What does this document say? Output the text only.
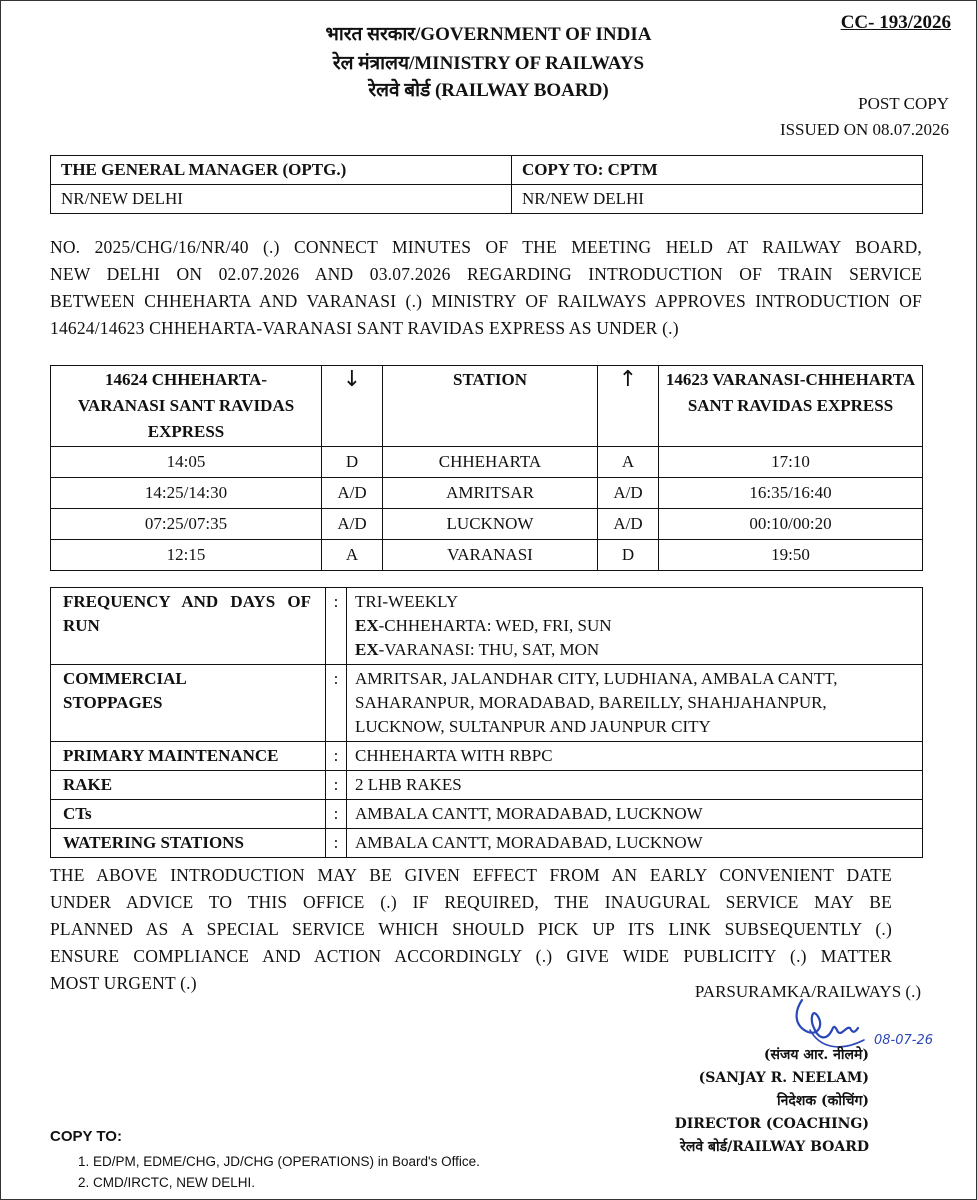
भारत सरकार/GOVERNMENT OF INDIA
रेल मंत्रालय/MINISTRY OF RAILWAYS
रेलवे बोर्ड (RAILWAY BOARD)
CC- 193/2026
POST COPY
ISSUED ON 08.07.2026
THE GENERAL MANAGER (OPTG.)	COPY TO: CPTM
NR/NEW DELHI	NR/NEW DELHI
NO. 2025/CHG/16/NR/40 (.) CONNECT MINUTES OF THE MEETING HELD AT RAILWAY BOARD,
NEW DELHI ON 02.07.2026 AND 03.07.2026 REGARDING INTRODUCTION OF TRAIN SERVICE
BETWEEN CHHEHARTA AND VARANASI (.) MINISTRY OF RAILWAYS APPROVES INTRODUCTION OF
14624/14623 CHHEHARTA-VARANASI SANT RAVIDAS EXPRESS AS UNDER (.)
14624 CHHEHARTA-VARANASI SANT RAVIDAS EXPRESS	↓	STATION	↑	14623 VARANASI-CHHEHARTA SANT RAVIDAS EXPRESS

14:05	D	CHHEHARTA	A	17:10
14:25/14:30	A/D	AMRITSAR	A/D	16:35/16:40
07:25/07:35	A/D	LUCKNOW	A/D	00:10/00:20
12:15	A	VARANASI	D	19:50
FREQUENCY AND DAYS OF RUN	:	TRI-WEEKLY
EX-CHHEHARTA: WED, FRI, SUN
EX-VARANASI: THU, SAT, MON

COMMERCIAL STOPPAGES	:	AMRITSAR, JALANDHAR CITY, LUDHIANA, AMBALA CANTT, SAHARANPUR, MORADABAD, BAREILLY, SHAHJAHANPUR, LUCKNOW, SULTANPUR AND JAUNPUR CITY

PRIMARY MAINTENANCE	:	CHHEHARTA WITH RBPC
RAKE	:	2 LHB RAKES
CTs	:	AMBALA CANTT, MORADABAD, LUCKNOW
WATERING STATIONS	:	AMBALA CANTT, MORADABAD, LUCKNOW
THE ABOVE INTRODUCTION MAY BE GIVEN EFFECT FROM AN EARLY CONVENIENT DATE
UNDER ADVICE TO THIS OFFICE (.) IF REQUIRED, THE INAUGURAL SERVICE MAY BE
PLANNED AS A SPECIAL SERVICE WHICH SHOULD PICK UP ITS LINK SUBSEQUENTLY (.)
ENSURE COMPLIANCE AND ACTION ACCORDINGLY (.) GIVE WIDE PUBLICITY (.) MATTER
MOST URGENT (.)	PARSURAMKA/RAILWAYS (.)
08-07-26
(संजय आर. नीलमे)
(SANJAY R. NEELAM)
निदेशक (कोचिंग)
DIRECTOR (COACHING)
रेलवे बोर्ड/RAILWAY BOARD
COPY TO:
1. ED/PM, EDME/CHG, JD/CHG (OPERATIONS) in Board's Office.
2. CMD/IRCTC, NEW DELHI.
